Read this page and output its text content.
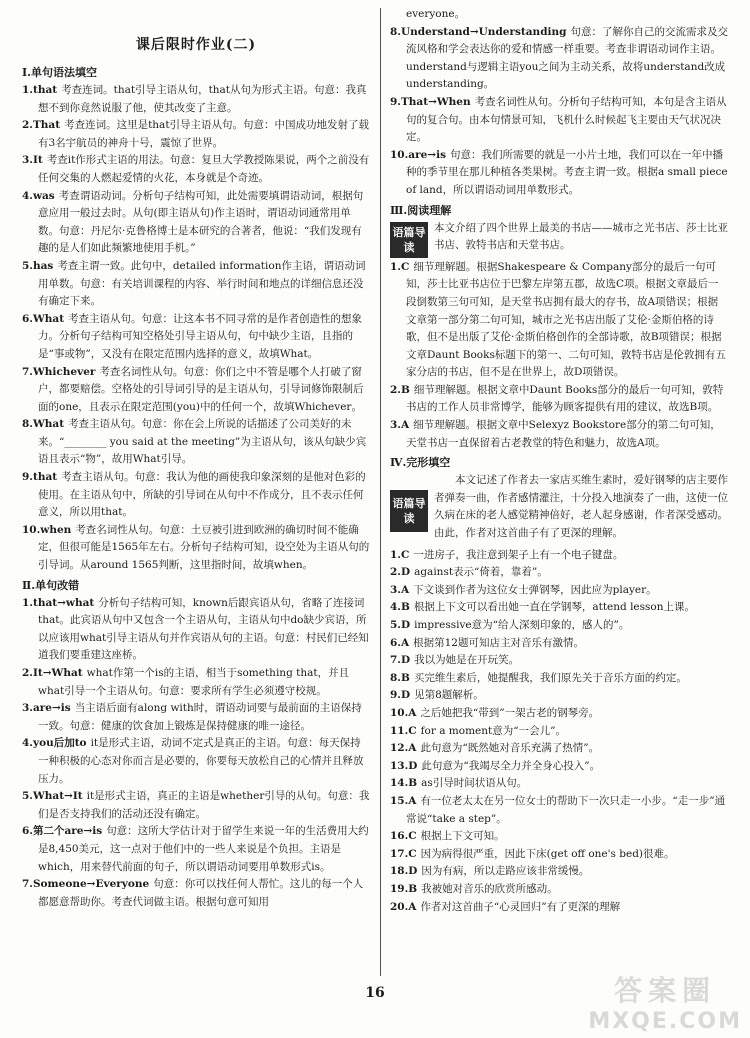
课后限时作业(二)
Ⅰ.单句语法填空

1.that 考查连词。that引导主语从句，that从句为形式主语。句意：我真想不到你竟然说服了他，使其改变了主意。

2.That 考查连词。这里是that引导主语从句。句意：中国成功地发射了载有3名宇航员的神舟十号，震惊了世界。

3.It 考查it作形式主语的用法。句意：复旦大学教授陈果说，两个之前没有任何交集的人燃起爱情的火花，本身就是个奇迹。

4.was 考查谓语动词。分析句子结构可知，此处需要填谓语动词，根据句意应用一般过去时。从句(即主语从句)作主语时，谓语动词通常用单数。句意：丹尼尔·克鲁格博士是本研究的合著者，他说：“我们发现有趣的是人们如此频繁地使用手机。”

5.has 考查主谓一致。此句中，detailed information作主语，谓语动词用单数。句意：有关培训课程的内容、举行时间和地点的详细信息还没有确定下来。

6.What 考查主语从句。句意：让这本书不同寻常的是作者创造性的想象力。分析句子结构可知空格处引导主语从句，句中缺少主语，且指的是“事或物”，又没有在限定范围内选择的意义，故填What。

7.Whichever 考查名词性从句。句意：你们之中不管是哪个人打破了窗户，都要赔偿。空格处的引导词引导的是主语从句，引导词修饰限制后面的one，且表示在限定范围(you)中的任何一个，故填Whichever。

8.What 考查主语从句。句意：你在会上所说的话描述了公司美好的未来。“________ you said at the meeting”为主语从句，该从句缺少宾语且表示“物”，故用What引导。

9.that 考查主语从句。句意：我认为他的画使我印象深刻的是他对色彩的使用。在主语从句中，所缺的引导词在从句中不作成分，且不表示任何意义，所以用that。

10.when 考查名词性从句。句意：土豆被引进到欧洲的确切时间不能确定，但很可能是1565年左右。分析句子结构可知，设空处为主语从句的引导词。从around 1565判断，这里指时间，故填when。

Ⅱ.单句改错

1.that→what 分析句子结构可知，known后跟宾语从句，省略了连接词that。此宾语从句中又包含一个主语从句，主语从句中do缺少宾语，所以应该用what引导主语从句并作宾语从句的主语。句意：村民们已经知道我们要重建这座桥。

2.It→What what作第一个is的主语，相当于something that，并且what引导一个主语从句。句意：要求所有学生必须遵守校规。

3.are→is 当主语后面有along with时，谓语动词要与最前面的主语保持一致。句意：健康的饮食加上锻炼是保持健康的唯一途径。

4.you后加to it是形式主语，动词不定式是真正的主语。句意：每天保持一种积极的心态对你而言是必要的，你要每天放松自己的心情并且释放压力。

5.What→It it是形式主语，真正的主语是whether引导的从句。句意：我们是否支持我们的活动还没有确定。

6.第二个are→is 句意：这所大学估计对于留学生来说一年的生活费用大约是8,450美元，这一点对于他们中的一些人来说是个负担。主语是which，用来替代前面的句子，所以谓语动词要用单数形式is。

7.Someone→Everyone 句意：你可以找任何人帮忙。这儿的每一个人都愿意帮助你。考查代词做主语。根据句意可知用

everyone。

8.Understand→Understanding 句意：了解你自己的交流需求及交流风格和学会表达你的爱和情感一样重要。考查非谓语动词作主语。understand与逻辑主语you之间为主动关系，故将understand改成understanding。

9.That→When 考查名词性从句。分析句子结构可知，本句是含主语从句的复合句。由本句情景可知，飞机什么时候起飞主要由天气状况决定。

10.are→is 句意：我们所需要的就是一小片土地，我们可以在一年中播种的季节里在那儿种植各类果树。考查主谓一致。根据a small piece of land，所以谓语动词用单数形式。

Ⅲ.阅读理解
语篇导读
本文介绍了四个世界上最美的书店——城市之光书店、莎士比亚书店、敦特书店和天堂书店。

1.C 细节理解题。根据Shakespeare & Company部分的最后一句可知，莎士比亚书店位于巴黎左岸第五郡，故选C项。根据文章最后一段倒数第三句可知，是天堂书店拥有最大的存书，故A项错误；根据文章第一部分第二句可知，城市之光书店出版了艾伦·金斯伯格的诗歌，但不是出版了艾伦·金斯伯格创作的全部诗歌，故B项错误；根据文章Daunt Books标题下的第一、二句可知，敦特书店是伦敦拥有五家分店的书店，但不是在世界上，故D项错误。

2.B 细节理解题。根据文章中Daunt Books部分的最后一句可知，敦特书店的工作人员非常博学，能够为顾客提供有用的建议，故选B项。

3.A 细节理解题。根据文章中Selexyz Bookstore部分的第二句可知，天堂书店一直保留着古老教堂的特色和魅力，故选A项。

Ⅳ.完形填空
语篇导读
本文记述了作者去一家店买维生素时，爱好钢琴的店主要作者弹奏一曲，作者感情灌注，十分投入地演奏了一曲，这使一位久病在床的老人感觉精神倍好，老人起身感谢，作者深受感动。由此，作者对这首曲子有了更深的理解。

1.C 一进房子，我注意到架子上有一个电子键盘。

2.D against表示“倚着，靠着”。

3.A 下文谈到作者为这位女士弹钢琴，因此应为player。

4.B 根据上下文可以看出她一直在学钢琴，attend lesson上课。

5.D impressive意为“给人深刻印象的，感人的”。

6.A 根据第12题可知店主对音乐有激情。

7.D 我以为她是在开玩笑。

8.B 买完维生素后，她提醒我，我们原先关于音乐方面的约定。

9.D 见第8题解析。

10.A 之后她把我“带到”一架古老的钢琴旁。

11.C for a moment意为“一会儿”。

12.A 此句意为“既然她对音乐充满了热情”。

13.D 此句意为“我竭尽全力并全身心投入”。

14.B as引导时间状语从句。

15.A 有一位老太太在另一位女士的帮助下一次只走一小步。“走一步”通常说“take a step”。

16.C 根据上下文可知。

17.C 因为病得很严重，因此下床(get off one's bed)很难。

18.D 因为有病，所以走路应该非常缓慢。

19.B 我被她对音乐的欣赏所感动。

20.A 作者对这首曲子“心灵回归”有了更深的理解

16	答案圈
MXQE.COM
